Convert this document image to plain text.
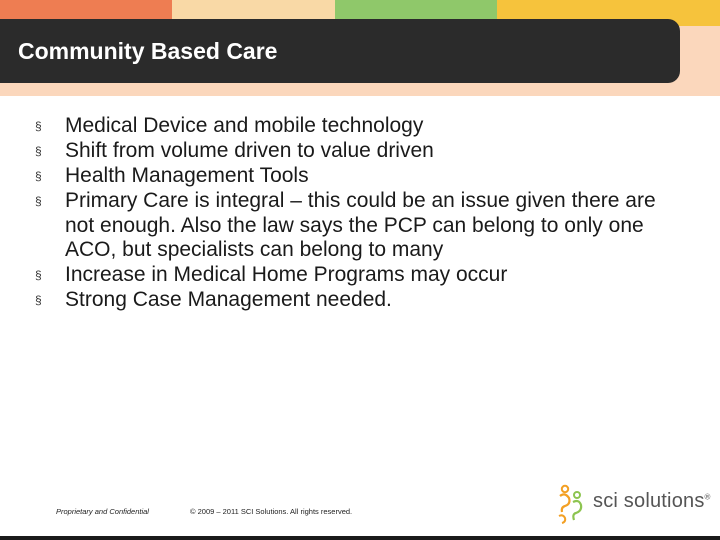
Community Based Care
§	Medical Device and mobile technology
§	Shift from volume driven to value driven
§	Health Management Tools
§	Primary Care is integral – this could be an issue given there are not enough. Also the law says the PCP can belong to only one ACO, but specialists can belong to many
§	Increase in Medical Home Programs may occur
§	Strong Case Management needed.
Proprietary and Confidential	© 2009 – 2011 SCI Solutions. All rights reserved.	sci solutions®
